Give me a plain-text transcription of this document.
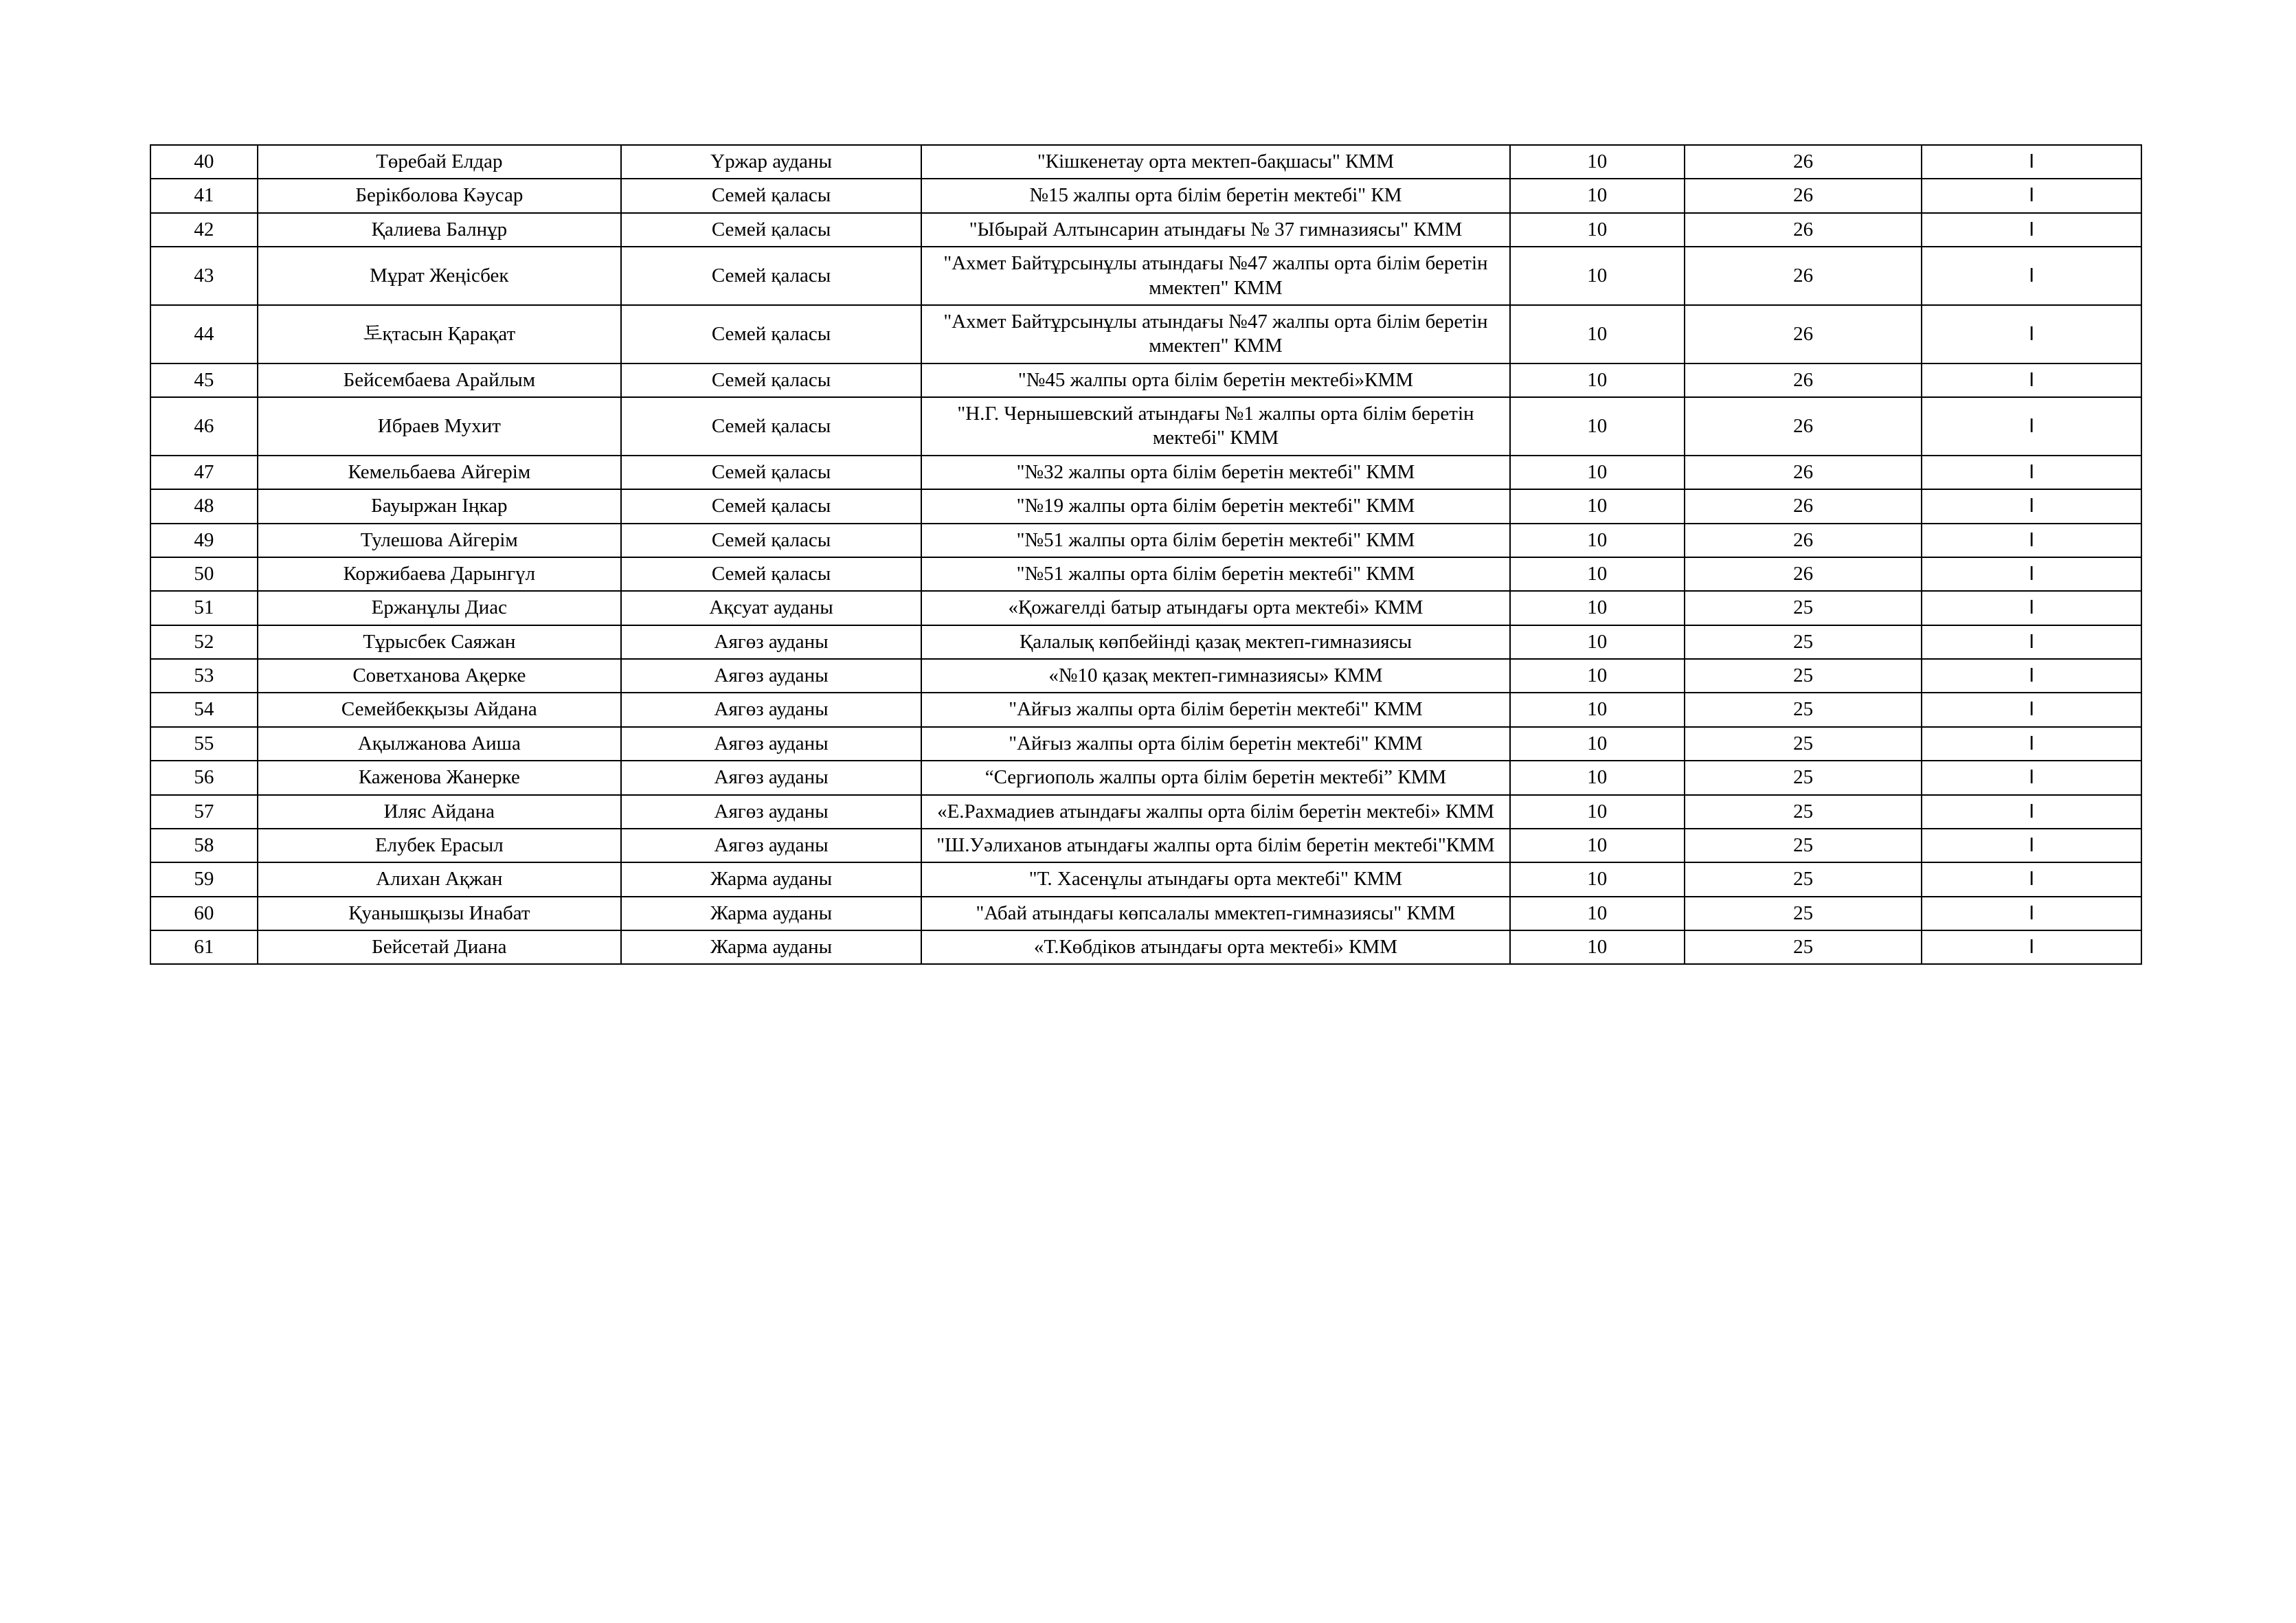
40	Төребай Елдар	Үржар ауданы	"Кішкенетау орта мектеп-бақшасы" КММ	10	26	I
41	Берікболова Кәусар	Семей қаласы	№15 жалпы орта білім беретін мектебі" КМ	10	26	I
42	Қалиева Балнұр	Семей қаласы	"Ыбырай Алтынсарин атындағы № 37 гимназиясы" КММ	10	26	I
43	Мұрат Жеңісбек	Семей қаласы	"Ахмет Байтұрсынұлы атындағы №47 жалпы орта білім беретін ммектеп" КММ	10	26	I
44	토қтасын Қарақат	Семей қаласы	"Ахмет Байтұрсынұлы атындағы №47 жалпы орта білім беретін ммектеп" КММ	10	26	I
45	Бейсембаева Арайлым	Семей қаласы	"№45 жалпы орта білім беретін мектебі»КММ	10	26	I
46	Ибраев Мухит	Семей қаласы	"Н.Г. Чернышевский атындағы №1 жалпы орта білім беретін мектебі" КММ	10	26	I
47	Кемельбаева Айгерім	Семей қаласы	"№32 жалпы орта білім беретін мектебі" КММ	10	26	I
48	Бауыржан Іңкар	Семей қаласы	"№19 жалпы орта білім беретін мектебі" КММ	10	26	I
49	Тулешова Айгерім	Семей қаласы	"№51 жалпы орта білім беретін мектебі" КММ	10	26	I
50	Коржибаева Дарынгүл	Семей қаласы	"№51 жалпы орта білім беретін мектебі" КММ	10	26	I
51	Ержанұлы Диас	Ақсуат ауданы	«Қожагелді батыр атындағы орта мектебі» КММ	10	25	I
52	Тұрысбек Саяжан	Аягөз ауданы	Қалалық көпбейінді қазақ мектеп-гимназиясы	10	25	I
53	Советханова Ақерке	Аягөз ауданы	«№10 қазақ мектеп-гимназиясы» КММ	10	25	I
54	Семейбекқызы Айдана	Аягөз ауданы	"Айғыз жалпы орта білім беретін мектебі" КММ	10	25	I
55	Ақылжанова Аиша	Аягөз ауданы	"Айғыз жалпы орта білім беретін мектебі" КММ	10	25	I
56	Каженова Жанерке	Аягөз ауданы	“Сергиополь жалпы орта білім беретін мектебі” КММ	10	25	I
57	Иляс Айдана	Аягөз ауданы	«Е.Рахмадиев атындағы жалпы орта білім беретін мектебі» КММ	10	25	I
58	Елубек Ерасыл	Аягөз ауданы	"Ш.Уәлиханов атындағы жалпы орта білім беретін мектебі"КММ	10	25	I
59	Алихан Ақжан	Жарма ауданы	"Т. Хасенұлы атындағы орта мектебі" КММ	10	25	I
60	Қуанышқызы Инабат	Жарма ауданы	"Абай атындағы көпсалалы ммектеп-гимназиясы" КММ	10	25	I
61	Бейсетай Диана	Жарма ауданы	«Т.Көбдіков атындағы орта мектебі» КММ	10	25	I
